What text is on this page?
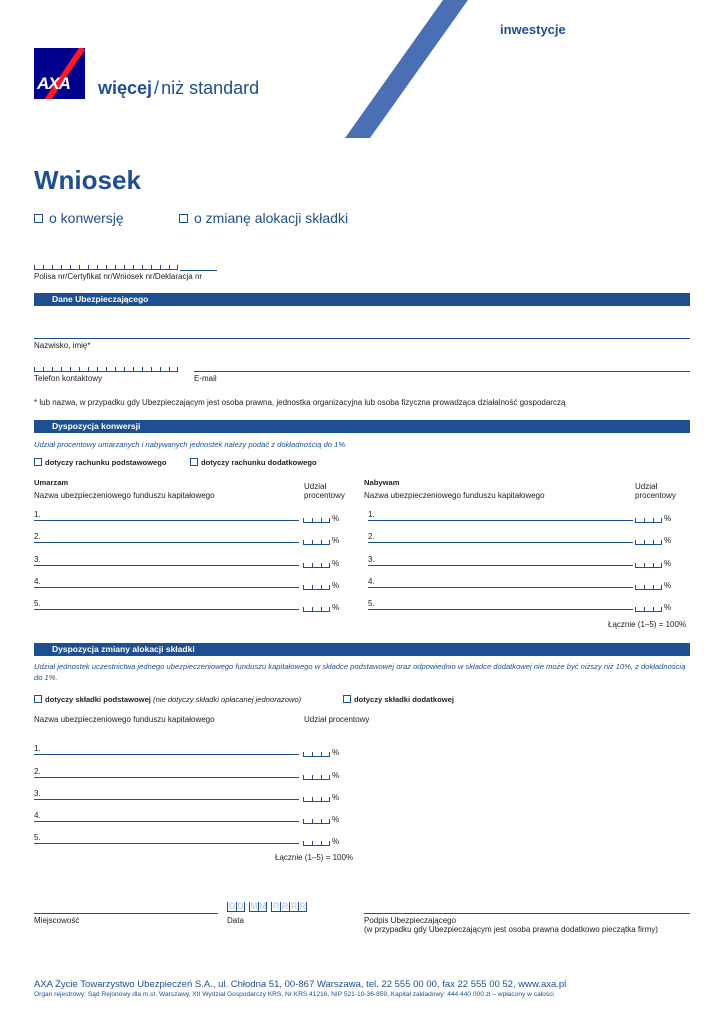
inwestycje
AXA więcej / niż standard
Wniosek
o konwersję	o zmianę alokacji składki
Polisa nr/Certyfikat nr/Wniosek nr/Deklaracja nr
Dane Ubezpieczającego
Nazwisko, imię*
Telefon kontaktowy	E-mail
* lub nazwa, w przypadku gdy Ubezpieczającym jest osoba prawna, jednostka organizacyjna lub osoba fizyczna prowadząca działalność gospodarczą
Dyspozycja konwersji
Udział procentowy umarzanych i nabywanych jednostek należy podać z dokładnością do 1%.
dotyczy rachunku podstawowego	dotyczy rachunku dodatkowego
Umarzam
Nazwa ubezpieczeniowego funduszu kapitałowego
Udział
procentowy
Nabywam
Nazwa ubezpieczeniowego funduszu kapitałowego
Udział
procentowy
1.	%	1.	%
2.	%	2.	%
3.	%	3.	%
4.	%	4.	%
5.	%	5.	%
Łącznie (1–5) = 100%
Dyspozycja zmiany alokacji składki
Udział jednostek uczestnictwa jednego ubezpieczeniowego funduszu kapitałowego w składce podstawowej oraz odpowiednio w składce dodatkowej nie może być niższy niż 10%, z dokładnością do 1%.
dotyczy składki podstawowej (nie dotyczy składki opłacanej jednorazowo)	dotyczy składki dodatkowej
Nazwa ubezpieczeniowego funduszu kapitałowego	Udział procentowy
1.	%
2.	%
3.	%
4.	%
5.	%
Łącznie (1–5) = 100%
Miejscowość
D D M M R R R R
Data	Podpis Ubezpieczającego
(w przypadku gdy Ubezpieczającym jest osoba prawna dodatkowo pieczątka firmy)
AXA Życie Towarzystwo Ubezpieczeń S.A., ul. Chłodna 51, 00-867 Warszawa, tel. 22 555 00 00, fax 22 555 00 52, www.axa.pl
Organ rejestrowy: Sąd Rejonowy dla m.st. Warszawy, XII Wydział Gospodarczy KRS, Nr KRS 41216, NIP 521-10-36-859, Kapitał zakładowy: 444 440 000 zł – wpłacony w całości
